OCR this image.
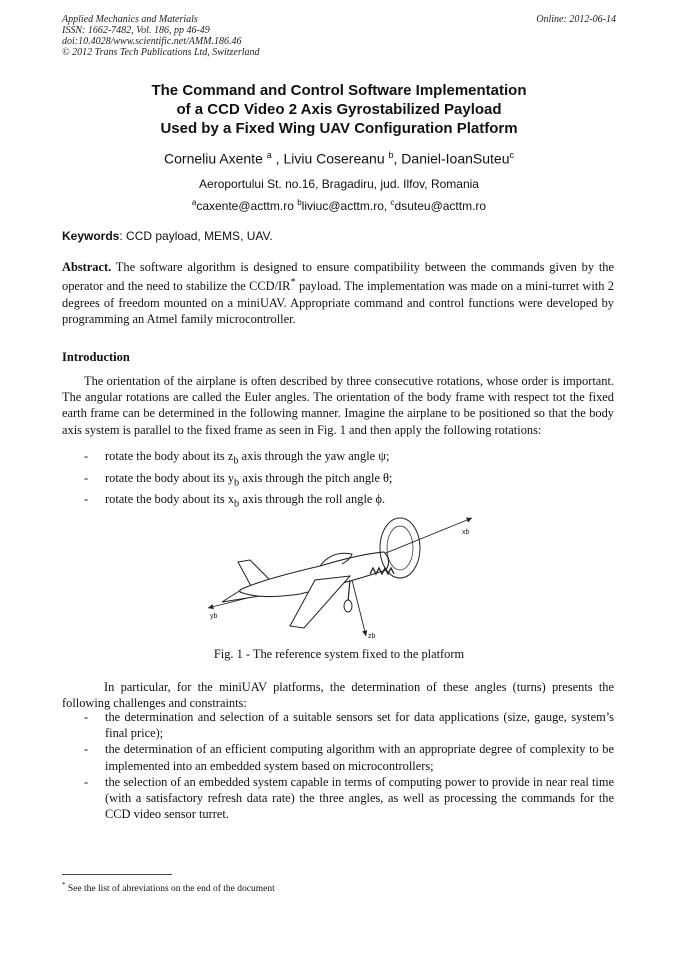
Applied Mechanics and Materials
ISSN: 1662-7482, Vol. 186, pp 46-49
doi:10.4028/www.scientific.net/AMM.186.46
© 2012 Trans Tech Publications Ltd, Switzerland
Online: 2012-06-14
The Command and Control Software Implementation
of a CCD Video 2 Axis Gyrostabilized Payload
Used by a Fixed Wing UAV Configuration Platform
Corneliu Axente $^a$ , Liviu Cosereanu $^b$, Daniel-IoanSuteu$^c$
Aeroportului St. no.16, Bragadiru, jud. Ilfov, Romania
$^a$caxente@acttm.ro $^b$liviuc@acttm.ro, $^c$dsuteu@acttm.ro
Keywords: CCD payload, MEMS, UAV.
Abstract. The software algorithm is designed to ensure compatibility between the commands given by the operator and the need to stabilize the CCD/IR* payload. The implementation was made on a mini-turret with 2 degrees of freedom mounted on a miniUAV. Appropriate command and control functions were developed by programming an Atmel family microcontroller.
Introduction
The orientation of the airplane is often described by three consecutive rotations, whose order is important. The angular rotations are called the Euler angles. The orientation of the body frame with respect tot the fixed earth frame can be determined in the following manner. Imagine the airplane to be positioned so that the body axis system is parallel to the fixed frame as seen in Fig. 1 and then apply the following rotations:
- rotate the body about its $z_b$ axis through the yaw angle ψ;
- rotate the body about its $y_b$ axis through the pitch angle θ;
- rotate the body about its $x_b$ axis through the roll angle ϕ.
xb
yb
zb
Fig. 1 - The reference system fixed to the platform
In particular, for the miniUAV platforms, the determination of these angles (turns) presents the following challenges and constraints:
- the determination and selection of a suitable sensors set for data applications (size, gauge, system’s final price);
- the determination of an efficient computing algorithm with an appropriate degree of complexity to be implemented into an embedded system based on microcontrollers;
- the selection of an embedded system capable in terms of computing power to provide in near real time (with a satisfactory refresh data rate) the three angles, as well as processing the commands for the CCD video sensor turret.
* See the list of abreviations on the end of the document
